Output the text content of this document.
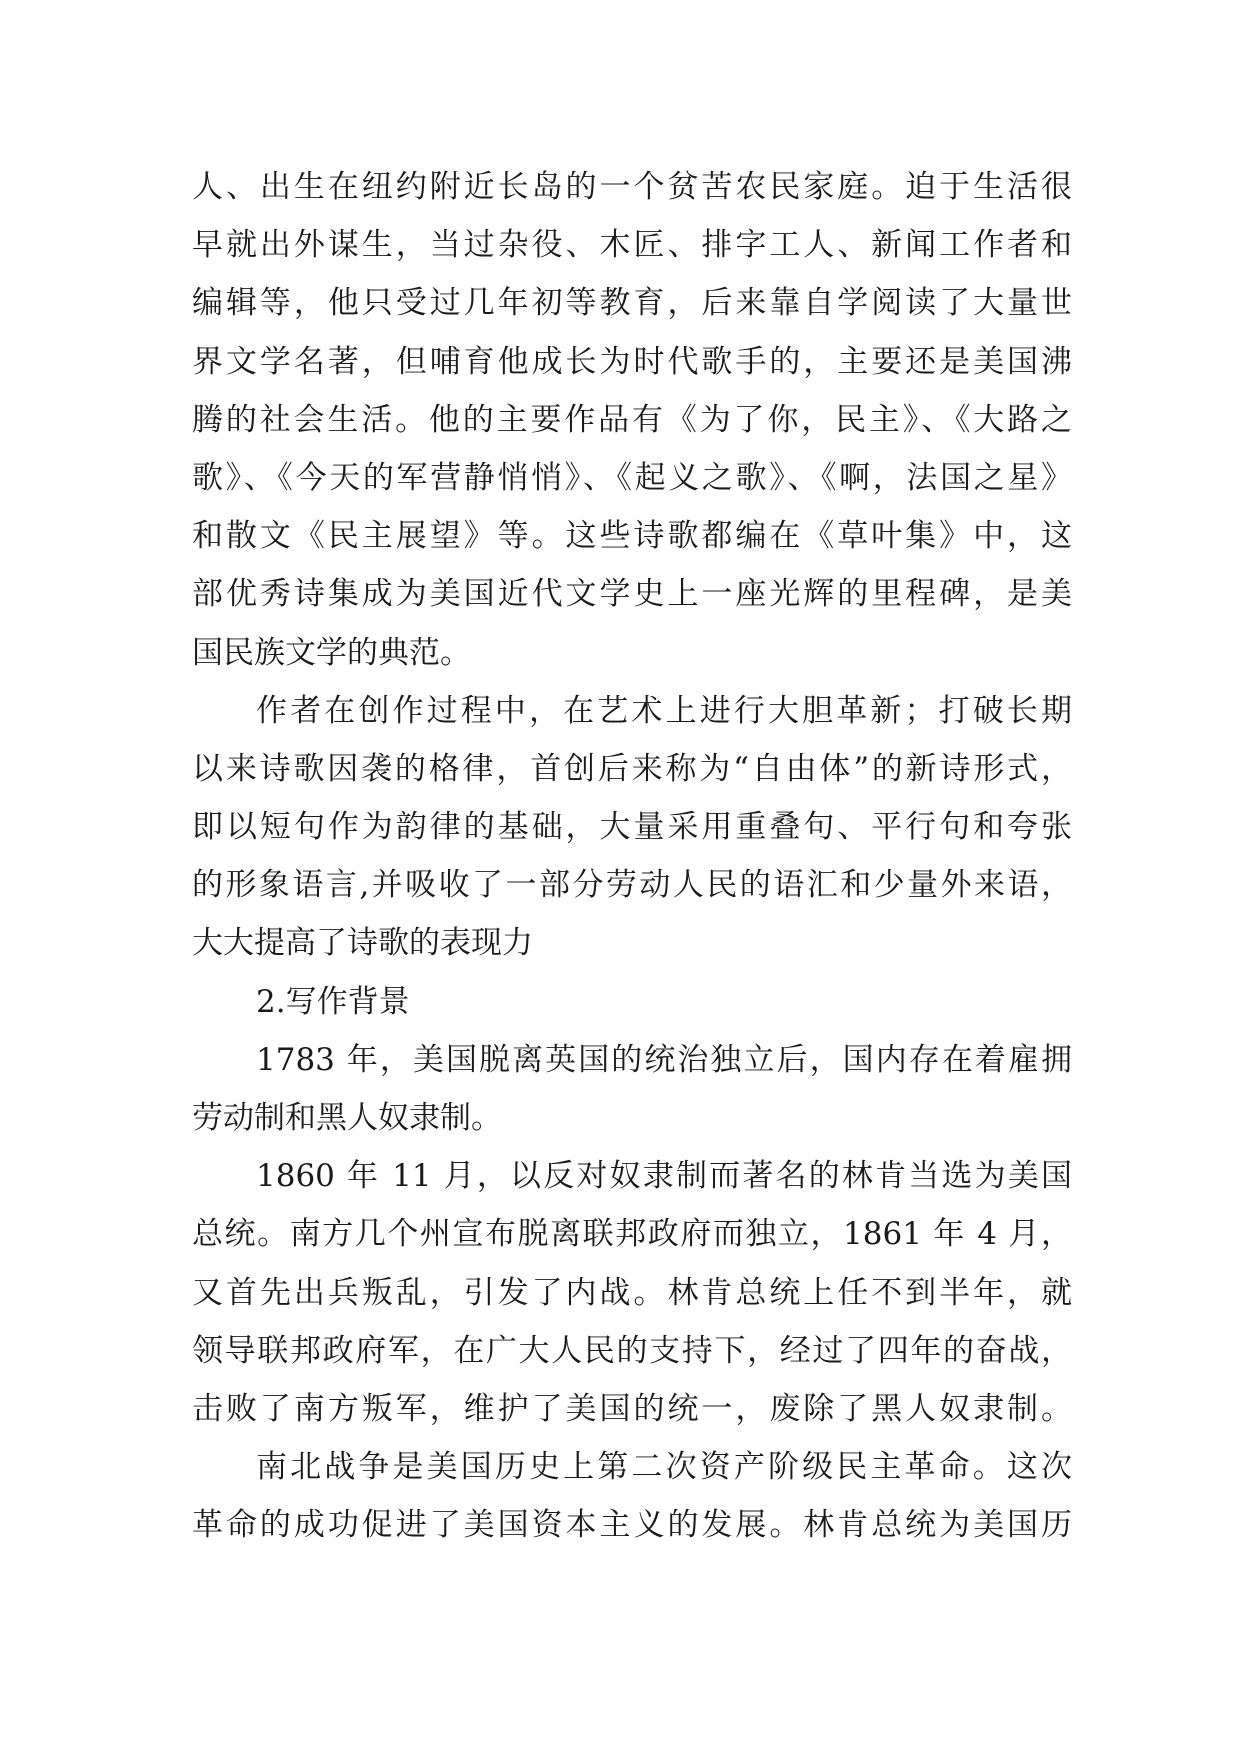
人、出生在纽约附近长岛的一个贫苦农民家庭。迫于生活很
早就出外谋生，当过杂役、木匠、排字工人、新闻工作者和
编辑等，他只受过几年初等教育，后来靠自学阅读了大量世
界文学名著，但哺育他成长为时代歌手的，主要还是美国沸
腾的社会生活。他的主要作品有《为了你，民主》、《大路之
歌》、《今天的军营静悄悄》、《起义之歌》、《啊，法国之星》
和散文《民主展望》等。这些诗歌都编在《草叶集》中，这
部优秀诗集成为美国近代文学史上一座光辉的里程碑，是美
国民族文学的典范。
作者在创作过程中，在艺术上进行大胆革新；打破长期
以来诗歌因袭的格律，首创后来称为“自由体”的新诗形式，
即以短句作为韵律的基础，大量采用重叠句、平行句和夸张
的形象语言,并吸收了一部分劳动人民的语汇和少量外来语，
大大提高了诗歌的表现力
2.写作背景
1783 年，美国脱离英国的统治独立后，国内存在着雇拥
劳动制和黑人奴隶制。
1860 年 11 月，以反对奴隶制而著名的林肯当选为美国
总统。南方几个州宣布脱离联邦政府而独立，1861 年 4 月，
又首先出兵叛乱，引发了内战。林肯总统上任不到半年，就
领导联邦政府军，在广大人民的支持下，经过了四年的奋战，
击败了南方叛军，维护了美国的统一，废除了黑人奴隶制。
南北战争是美国历史上第二次资产阶级民主革命。这次
革命的成功促进了美国资本主义的发展。林肯总统为美国历
